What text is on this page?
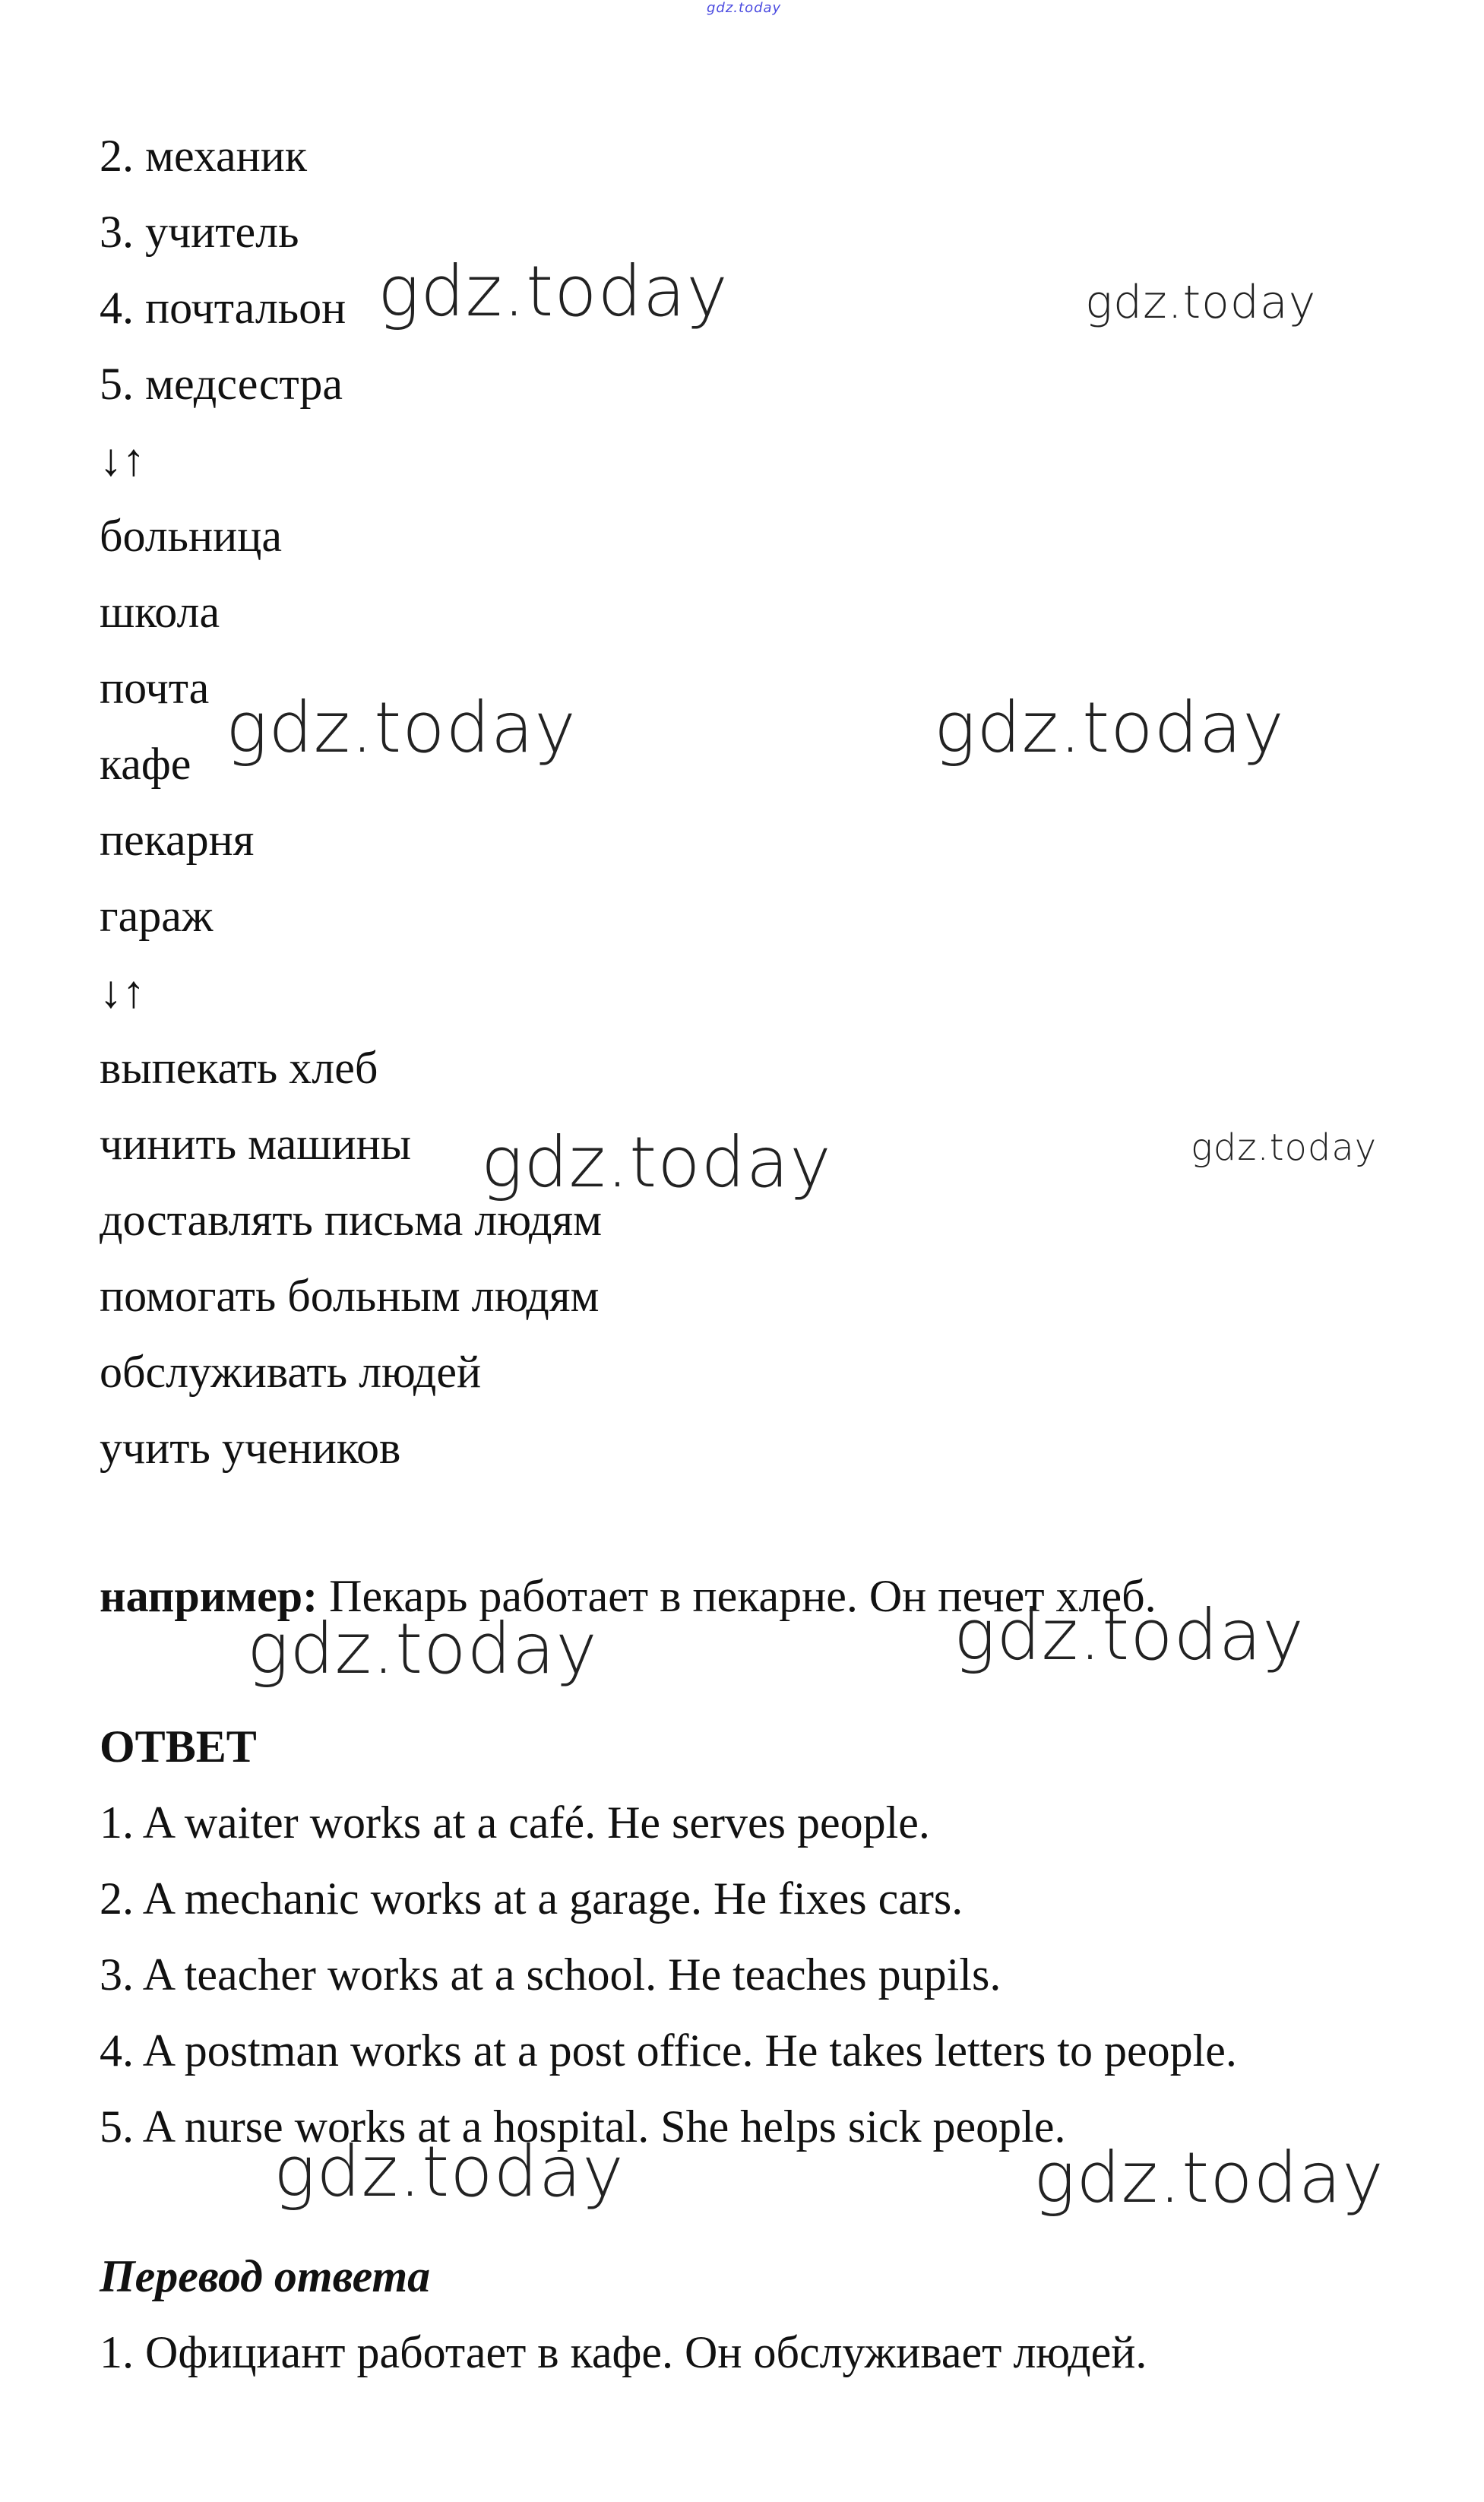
gdz.today

2. механик

3. учитель

4. почтальон

5. медсестра

↓↑

больница

школа

почта

кафе

пекарня

гараж

↓↑

выпекать хлеб

чинить машины

доставлять письма людям

помогать больным людям

обслуживать людей

учить учеников

например: Пекарь работает в пекарне. Он печет хлеб.

ОТВЕТ

1. A waiter works at a café. He serves people.

2. A mechanic works at a garage. He fixes cars.

3. A teacher works at a school. He teaches pupils.

4. A postman works at a post office. He takes letters to people.

5. A nurse works at a hospital. She helps sick people.

Перевод ответа

1. Официант работает в кафе. Он обслуживает людей.

gdz.today	gdz.today
gdz.today	gdz.today
gdz.today	gdz.today
gdz.today	gdz.today
gdz.today	gdz.today
